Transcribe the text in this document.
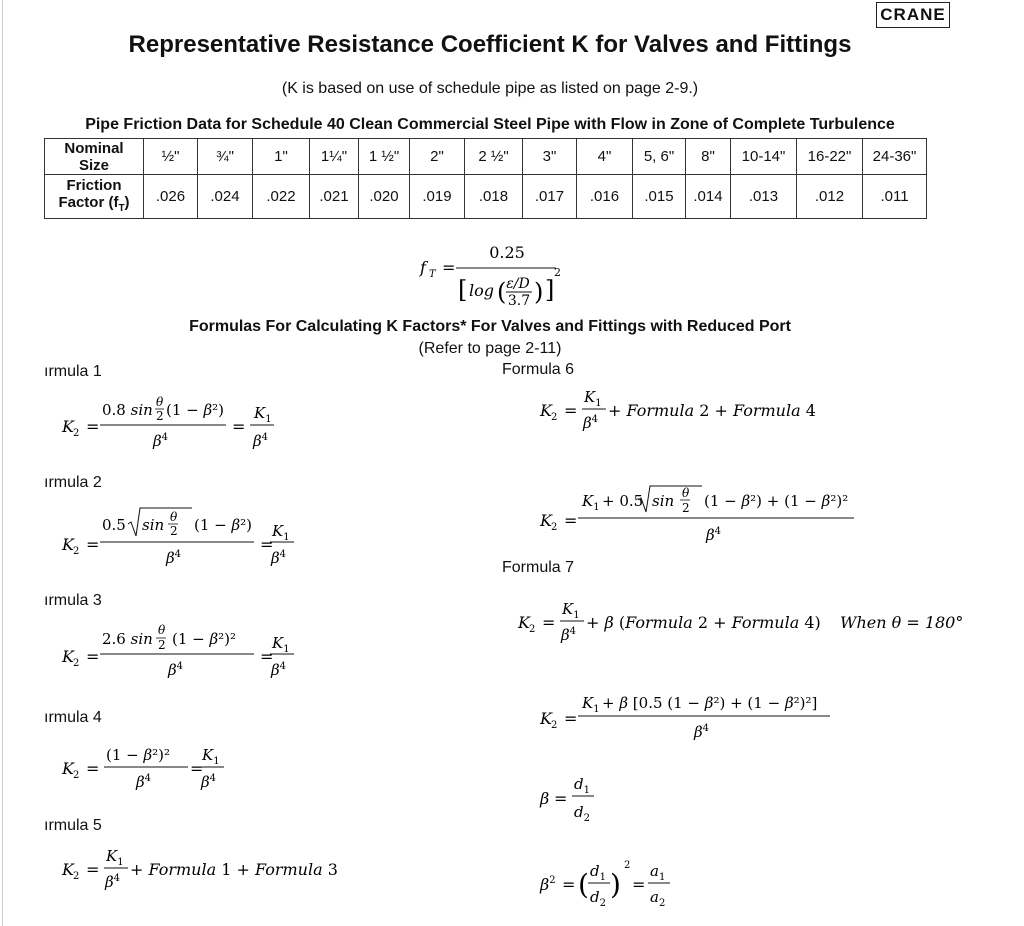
CRANE
Representative Resistance Coefficient K for Valves and Fittings
(K is based on use of schedule pipe as listed on page 2-9.)
Pipe Friction Data for Schedule 40 Clean Commercial Steel Pipe with Flow in Zone of Complete Turbulence
Nominal
Size	½"	¾"	1"	1¼"	1 ½"	2"	2 ½"	3"	4"	5, 6"	8"	10-14"	16-22"	24-36"

Friction
Factor $(f_T)$	.026	.024	.022	.021	.020	.019	.018	.017	.016	.015	.014	.013	.012	.011
f T =
0.25
[ log ( ε/D
3.7 ) ]
2
Formulas For Calculating K Factors* For Valves and Fittings with Reduced Port
(Refer to page 2-11)
ırmula 1
ırmula 2
ırmula 3
ırmula 4
ırmula 5
Formula 6
Formula 7
K 2 =
0.8 sin θ
2 (1 − β²)
$\beta^4$
=
$K_1$
$\beta^4$
K 2 =
0.5 sin θ
2 (1 − β²)
$\beta^4$
=
$K_1$
$\beta^4$
K 2 =
2.6 sin θ
2 (1 − β²)²
$\beta^4$
=
$K_1$
$\beta^4$
K 2 =
(1 − β²)²
$\beta^4$
=
$K_1$
$\beta^4$
K 2 =
$K_1$
$\beta^4$ + Formula 1 + Formula 3
K 2 =
$K_1$
$\beta^4$ + Formula 2 + Formula 4
K 2 =
$K_1 + 0.5$ sin θ
2 (1 − β²) + (1 − β²)²
$\beta^4$
K 2 =
$K_1$
$\beta^4 + \beta$ (Formula 2 + Formula 4) When θ = 180°
K 2 =
$K_1 + \beta$ [0.5 (1 − β²) + (1 − β²)²]
$\beta^4$
β =
$d_1$
$d_2$
$\beta^2$ = ( $d_1$
$d_2$
)
2
=
$a_1$
$a_2$
